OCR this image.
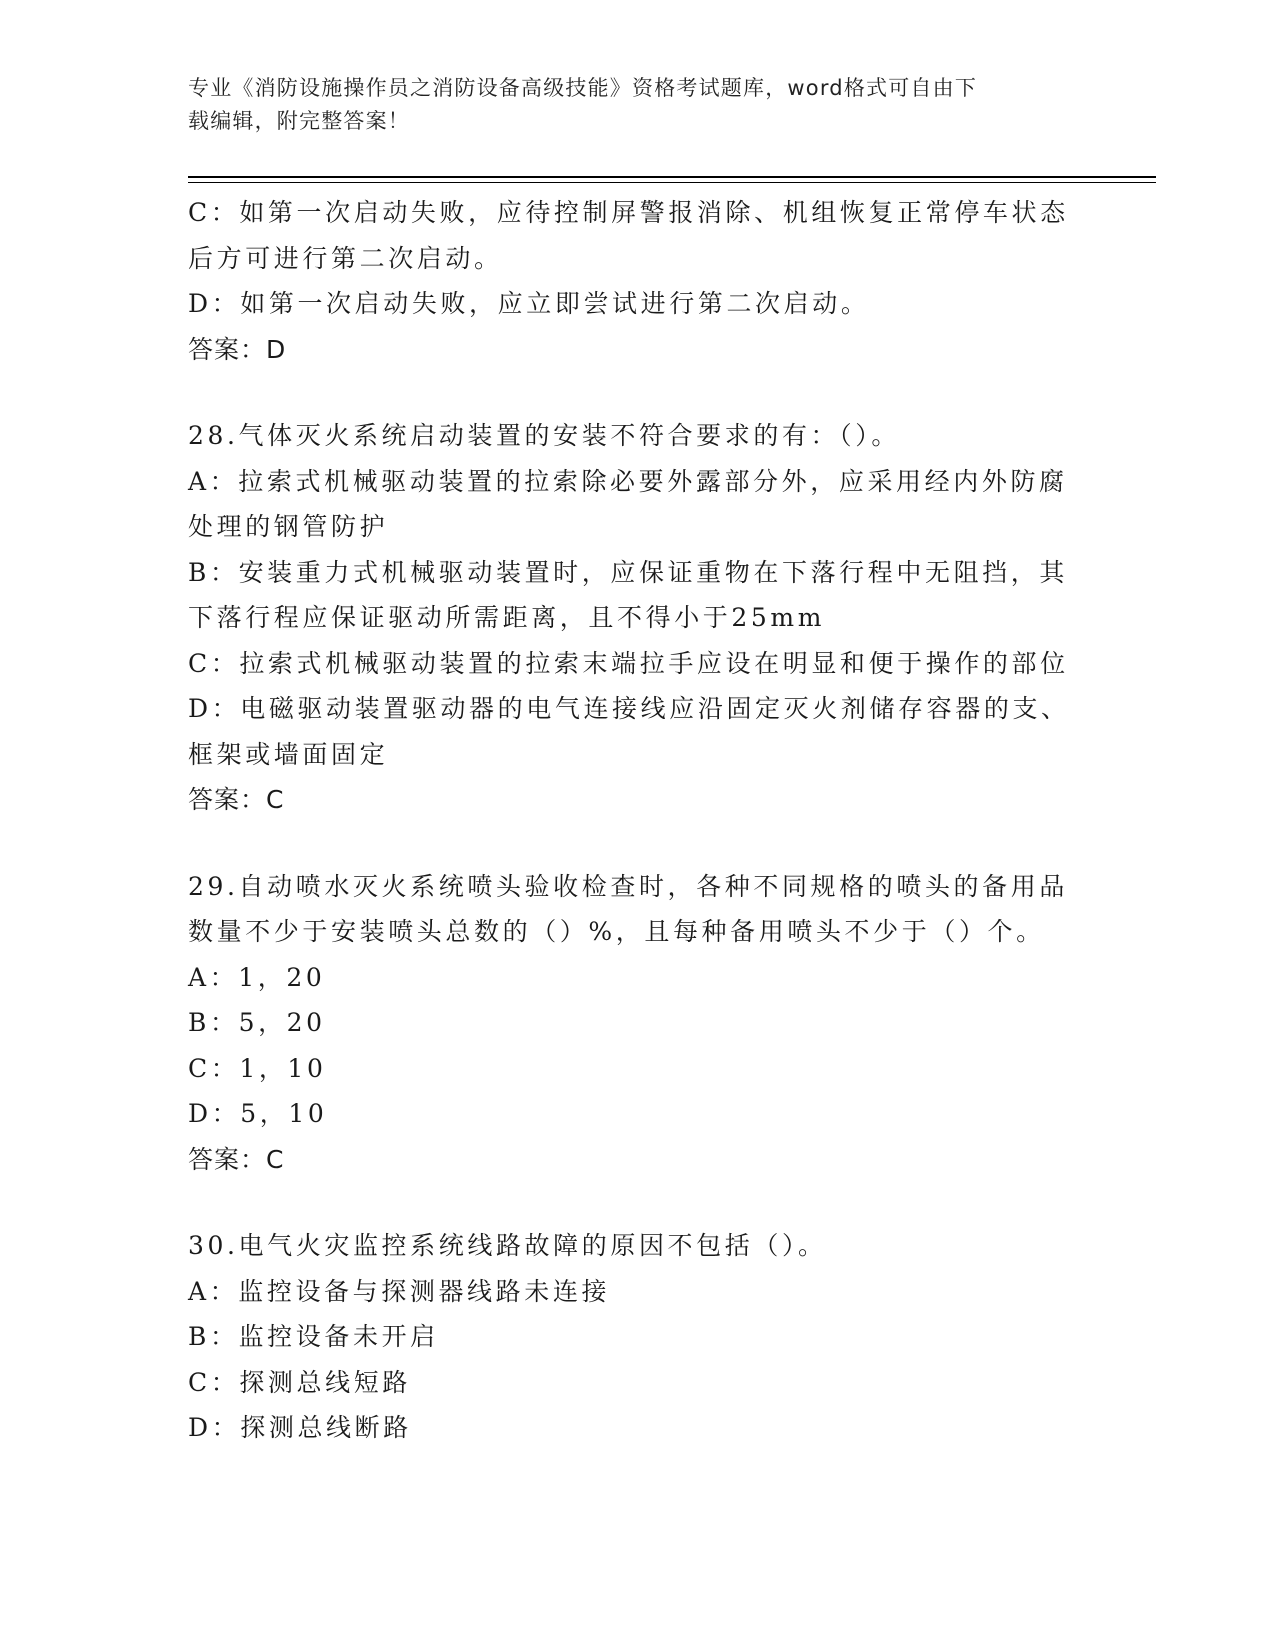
专业《消防设施操作员之消防设备高级技能》资格考试题库，word格式可自由下
载编辑，附完整答案！
C：如第一次启动失败，应待控制屏警报消除、机组恢复正常停车状态
后方可进行第二次启动。
D：如第一次启动失败，应立即尝试进行第二次启动。
答案：D
28.气体灭火系统启动装置的安装不符合要求的有：（）。
A：拉索式机械驱动装置的拉索除必要外露部分外，应采用经内外防腐
处理的钢管防护
B：安装重力式机械驱动装置时，应保证重物在下落行程中无阻挡，其
下落行程应保证驱动所需距离，且不得小于25mm
C：拉索式机械驱动装置的拉索末端拉手应设在明显和便于操作的部位
D：电磁驱动装置驱动器的电气连接线应沿固定灭火剂储存容器的支、
框架或墙面固定
答案：C
29.自动喷水灭火系统喷头验收检查时，各种不同规格的喷头的备用品
数量不少于安装喷头总数的（）%，且每种备用喷头不少于（）个。
A：1，20
B：5，20
C：1，10
D：5，10
答案：C
30.电气火灾监控系统线路故障的原因不包括（）。
A：监控设备与探测器线路未连接
B：监控设备未开启
C：探测总线短路
D：探测总线断路
